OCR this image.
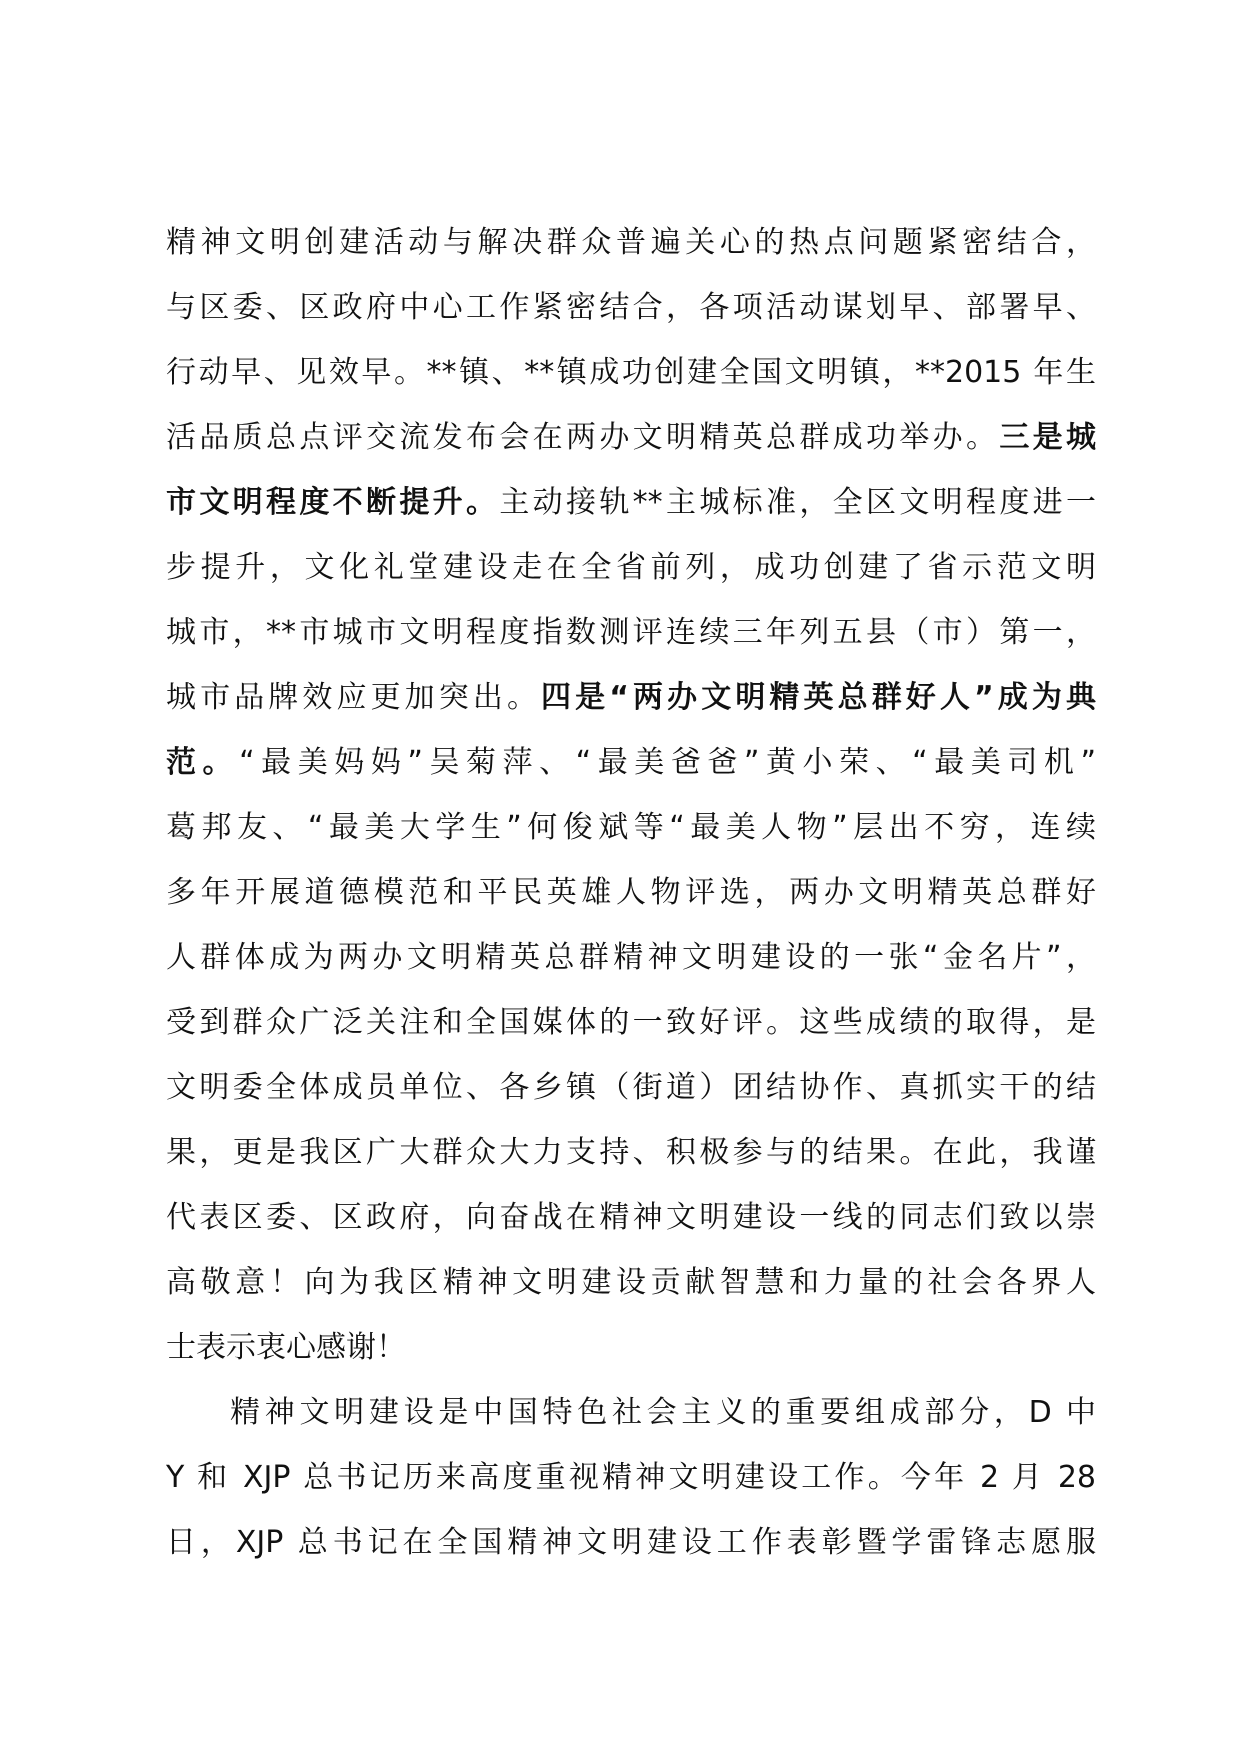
精神文明创建活动与解决群众普遍关心的热点问题紧密结合，
与区委、区政府中心工作紧密结合，各项活动谋划早、部署早、
行动早、见效早。**镇、**镇成功创建全国文明镇，**2015 年生
活品质总点评交流发布会在两办文明精英总群成功举办。三是城
市文明程度不断提升。主动接轨**主城标准，全区文明程度进一
步提升，文化礼堂建设走在全省前列，成功创建了省示范文明
城市，**市城市文明程度指数测评连续三年列五县（市）第一，
城市品牌效应更加突出。四是“两办文明精英总群好人”成为典
范。“最美妈妈”吴菊萍、“最美爸爸”黄小荣、“最美司机”
葛邦友、“最美大学生”何俊斌等“最美人物”层出不穷，连续
多年开展道德模范和平民英雄人物评选，两办文明精英总群好
人群体成为两办文明精英总群精神文明建设的一张“金名片”，
受到群众广泛关注和全国媒体的一致好评。这些成绩的取得，是
文明委全体成员单位、各乡镇（街道）团结协作、真抓实干的结
果，更是我区广大群众大力支持、积极参与的结果。在此，我谨
代表区委、区政府，向奋战在精神文明建设一线的同志们致以崇
高敬意！向为我区精神文明建设贡献智慧和力量的社会各界人
士表示衷心感谢！
精神文明建设是中国特色社会主义的重要组成部分，D 中
Y 和 XJP 总书记历来高度重视精神文明建设工作。今年 2 月 28
日，XJP 总书记在全国精神文明建设工作表彰暨学雷锋志愿服
